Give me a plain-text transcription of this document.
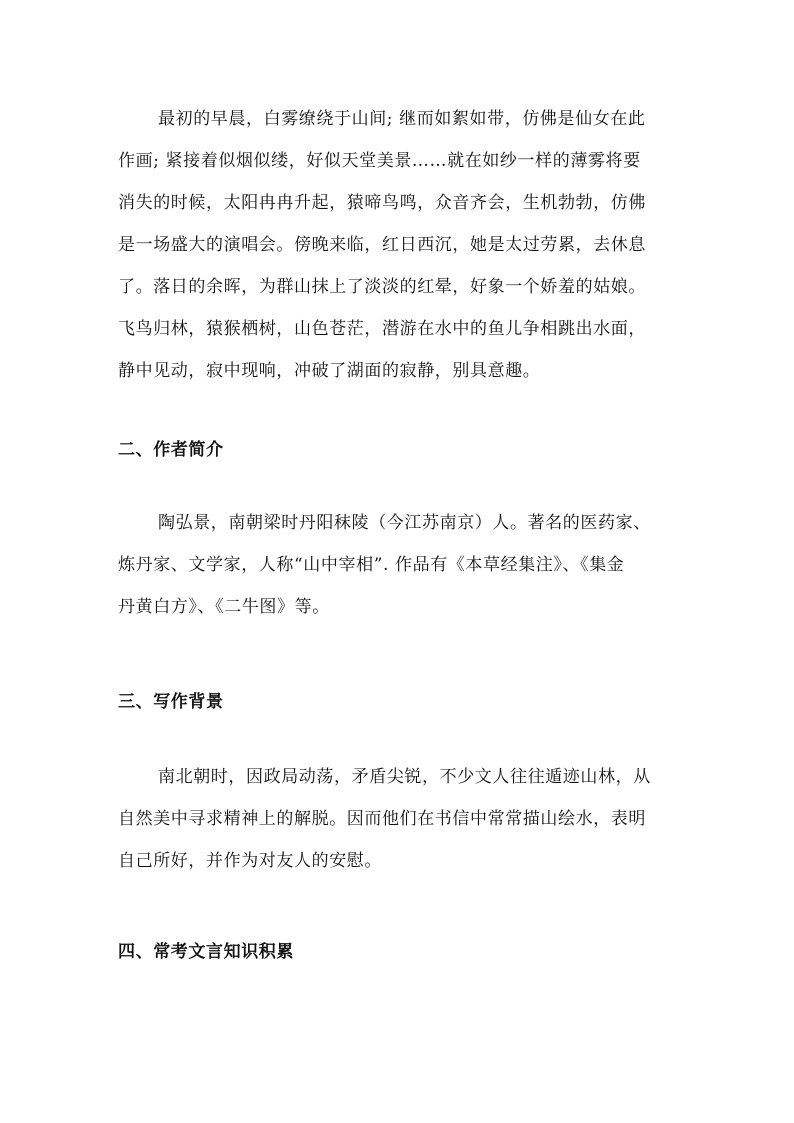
最初的早晨，白雾缭绕于山间; 继而如絮如带，仿佛是仙女在此
作画; 紧接着似烟似缕，好似天堂美景……就在如纱一样的薄雾将要
消失的时候，太阳冉冉升起，猿啼鸟鸣，众音齐会，生机勃勃，仿佛
是一场盛大的演唱会。傍晚来临，红日西沉，她是太过劳累，去休息
了。落日的余晖，为群山抹上了淡淡的红晕，好象一个娇羞的姑娘。
飞鸟归林，猿猴栖树，山色苍茫，潜游在水中的鱼儿争相跳出水面，
静中见动，寂中现响，冲破了湖面的寂静，别具意趣。
二、作者简介
陶弘景，南朝梁时丹阳秣陵（今江苏南京）人。著名的医药家、
炼丹家、文学家，人称“山中宰相”. 作品有《本草经集注》、《集金
丹黄白方》、《二牛图》等。
三、写作背景
南北朝时，因政局动荡，矛盾尖锐，不少文人往往遁迹山林，从
自然美中寻求精神上的解脱。因而他们在书信中常常描山绘水，表明
自己所好，并作为对友人的安慰。
四、常考文言知识积累
